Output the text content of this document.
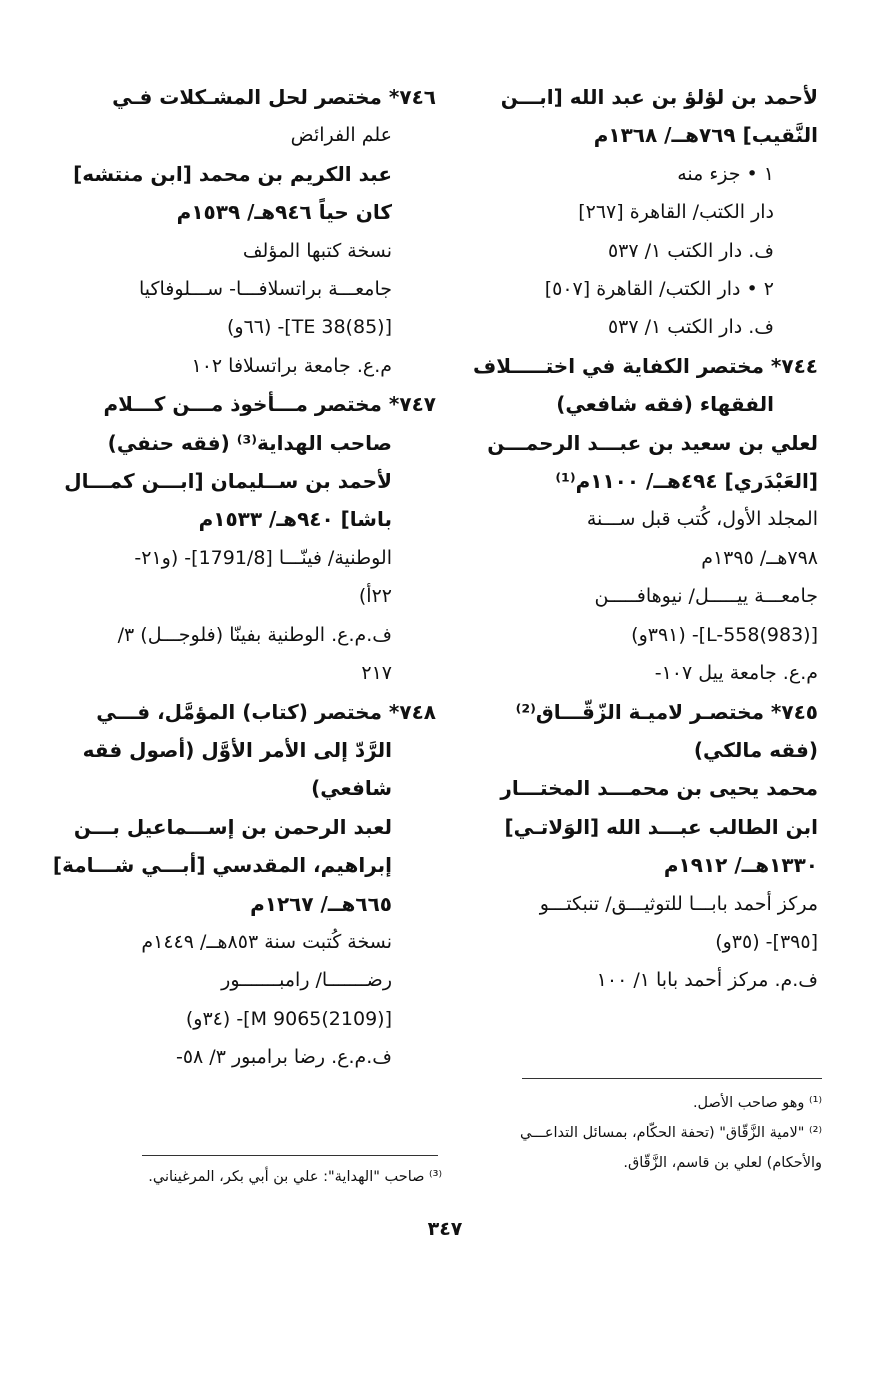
لأحمد بن لؤلؤ بن عبد الله [ابـــن
النَّقيب] ٧٦٩هــ/ ١٣٦٨م
١ • جزء منه
دار الكتب/ القاهرة [٢٦٧]
ف. دار الكتب ١/ ٥٣٧
٢ • دار الكتب/ القاهرة [٥٠٧]
ف. دار الكتب ١/ ٥٣٧
٧٤٤* مختصر الكفاية في اختـــــلاف
الفقهاء (فقه شافعي)
لعلي بن سعيد بن عبـــد الرحمـــن
[العَبْدَري] ٤٩٤هــ/ ١١٠٠م⁽¹⁾
المجلد الأول، كُتب قبل ســـنة
٧٩٨هــ/ ١٣٩٥م
جامعـــة ييـــــل/ نيوهافـــــن
[L-558(983)]- (٣٩١و)
م.ع. جامعة ييل ١٠٧-
٧٤٥* مختصـر لاميـة الزّقّـــاق⁽²⁾
(فقه مالكي)
محمد يحيى بن محمـــد المختـــار
ابن الطالب عبـــد الله [الوَلاتـي]
١٣٣٠هــ/ ١٩١٢م
مركز أحمد بابـــا للتوثيـــق/ تنبكتـــو
[٣٩٥]- (٣٥و)
ف.م. مركز أحمد بابا ١/ ١٠٠
٧٤٦* مختصر لحل المشـكلات فـي
علم الفرائض
عبد الكريم بن محمد [ابن منتشه]
كان حياً ٩٤٦هـ/ ١٥٣٩م
نسخة كتبها المؤلف
جامعـــة براتسلافـــا- ســـلوفاكيا
[TE 38(85)]- (٦٦و)
م.ع. جامعة براتسلافا ١٠٢
٧٤٧* مختصر مـــأخوذ مـــن كـــلام
صاحب الهداية⁽³⁾ (فقه حنفي)
لأحمد بن ســليمان [ابـــن كمـــال
باشا] ٩٤٠هـ/ ١٥٣٣م
الوطنية/ فينّـــا [1791/8]- (و٢١-
٢٢أ)
ف.م.ع. الوطنية بفينّا (فلوجـــل) ٣/
٢١٧
٧٤٨* مختصر (كتاب) المؤمَّل، فـــي
الرَّدّ إلى الأمر الأوَّل (أصول فقه
شافعي)
لعبد الرحمن بن إســـماعيل بـــن
إبراهيم، المقدسي [أبـــي شـــامة]
٦٦٥هــ/ ١٢٦٧م
نسخة كُتبت سنة ٨٥٣هــ/ ١٤٤٩م
رضـــــــا/ رامبـــــــور
[M 9065(2109)]- (٣٤و)
ف.م.ع. رضا برامبور ٣/ ٥٨-
⁽¹⁾ وهو صاحب الأصل.
⁽²⁾ "لامية الزَّقّاق" (تحفة الحكّام، بمسائل التداعـــي
والأحكام) لعلي بن قاسم، الزَّقّاق.
⁽³⁾ صاحب "الهداية": علي بن أبي بكر، المرغيناني.
٣٤٧
